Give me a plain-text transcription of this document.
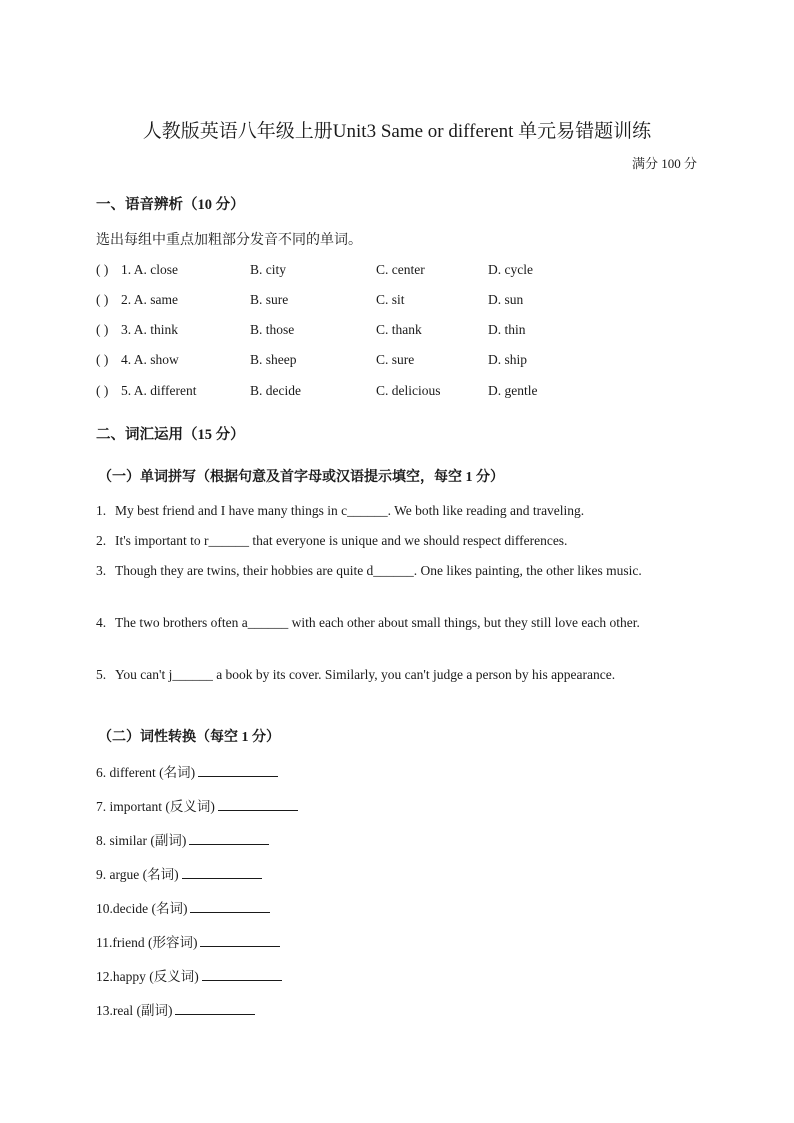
人教版英语八年级上册Unit3 Same or different 单元易错题训练
满分 100 分
一、语音辨析（10 分）
选出每组中重点加粗部分发音不同的单词。
( ) 1. A. close	B. city	C. center	D. cycle
( ) 2. A. same	B. sure	C. sit	D. sun
( ) 3. A. think	B. those	C. thank	D. thin
( ) 4. A. show	B. sheep	C. sure	D. ship
( ) 5. A. different	B. decide	C. delicious	D. gentle
二、词汇运用（15 分）
（一）单词拼写（根据句意及首字母或汉语提示填空，每空 1 分）
1. My best friend and I have many things in c______. We both like reading and traveling.
2. It's important to r______ that everyone is unique and we should respect differences.
3. Though they are twins, their hobbies are quite d______. One likes painting, the other likes music.
4. The two brothers often a______ with each other about small things, but they still love each other.
5. You can't j______ a book by its cover. Similarly, you can't judge a person by his appearance.
（二）词性转换（每空 1 分）
6. different (名词)
7. important (反义词)
8. similar (副词)
9. argue (名词)
10.decide (名词)
11.friend (形容词)
12.happy (反义词)
13.real (副词)
